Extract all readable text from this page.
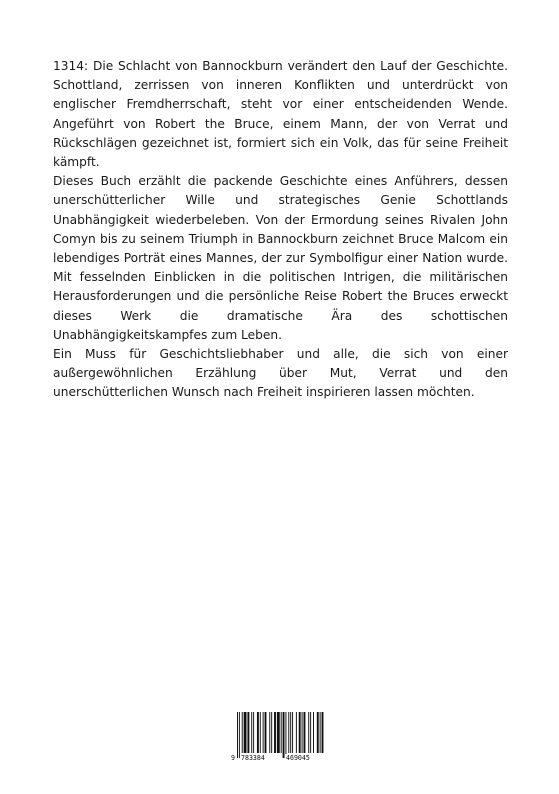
1314: Die Schlacht von Bannockburn verändert den Lauf der Geschichte. Schottland, zerrissen von inneren Konflikten und unterdrückt von englischer Fremdherrschaft, steht vor einer entscheidenden Wende. Angeführt von Robert the Bruce, einem Mann, der von Verrat und Rückschlägen gezeichnet ist, formiert sich ein Volk, das für seine Freiheit kämpft.

Dieses Buch erzählt die packende Geschichte eines Anführers, dessen unerschütterlicher Wille und strategisches Genie Schottlands Unabhängigkeit wiederbeleben. Von der Ermordung seines Rivalen John Comyn bis zu seinem Triumph in Bannockburn zeichnet Bruce Malcom ein lebendiges Porträt eines Mannes, der zur Symbolfigur einer Nation wurde. Mit fesselnden Einblicken in die politischen Intrigen, die militärischen Herausforderungen und die persönliche Reise Robert the Bruces erweckt dieses Werk die dramatische Ära des schottischen Unabhängigkeitskampfes zum Leben.

Ein Muss für Geschichtsliebhaber und alle, die sich von einer außergewöhnlichen Erzählung über Mut, Verrat und den unerschütterlichen Wunsch nach Freiheit inspirieren lassen möchten.

9 783384	469045
